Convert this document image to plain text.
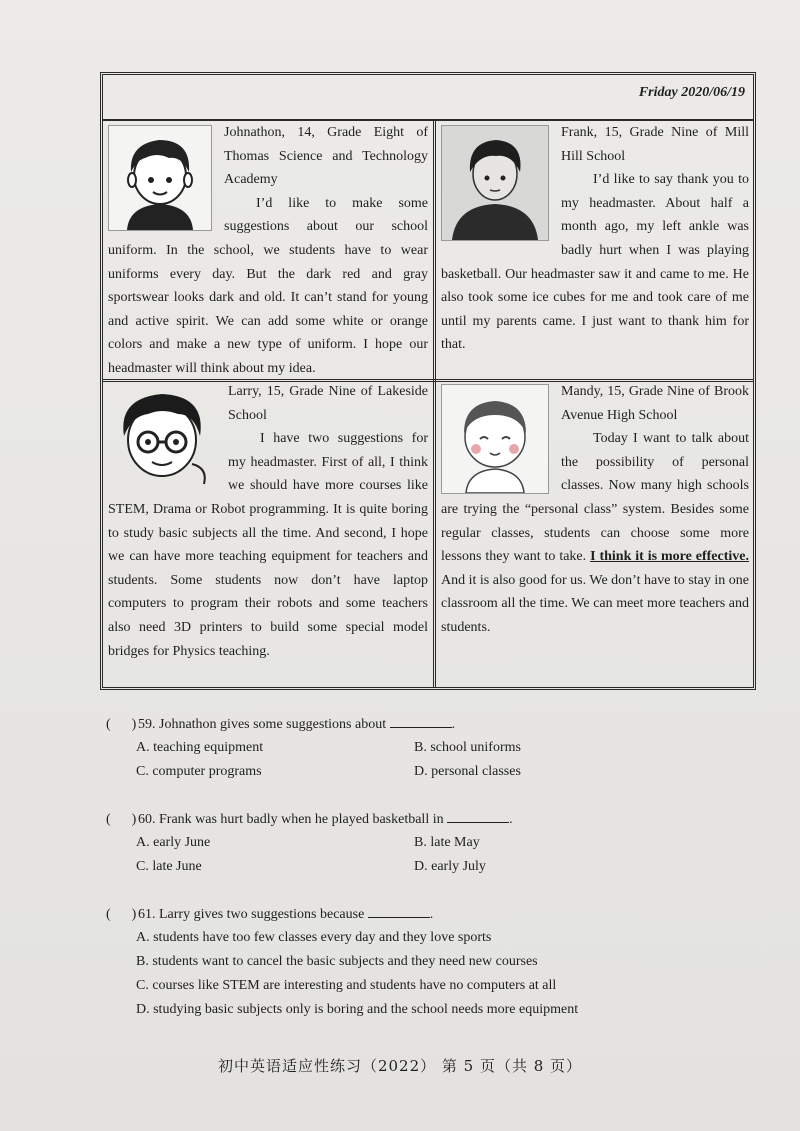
Friday 2020/06/19

Johnathon, 14, Grade Eight of Thomas Science and Technology Academy

I’d like to make some suggestions about our school uniform. In the school, we students have to wear uniforms every day. But the dark red and gray sportswear looks dark and old. It can’t stand for young and active spirit. We can add some white or orange colors and make a new type of uniform. I hope our headmaster will think about my idea.

Frank, 15, Grade Nine of Mill Hill School

I’d like to say thank you to my headmaster. About half a month ago, my left ankle was badly hurt when I was playing basketball. Our headmaster saw it and came to me. He also took some ice cubes for me and took care of me until my parents came. I just want to thank him for that.

Larry, 15, Grade Nine of Lakeside School

I have two suggestions for my headmaster. First of all, I think we should have more courses like STEM, Drama or Robot programming. It is quite boring to study basic subjects all the time. And second, I hope we can have more teaching equipment for teachers and students. Some students now don’t have laptop computers to program their robots and some teachers also need 3D printers to build some special model bridges for Physics teaching.

Mandy, 15, Grade Nine of Brook Avenue High School

Today I want to talk about the possibility of personal classes. Now many high schools are trying the “personal class” system. Besides some regular classes, students can choose some more lessons they want to take. I think it is more effective. And it is also good for us. We don’t have to stay in one classroom all the time. We can meet more teachers and students.

( ) 59. Johnathon gives some suggestions about	.
A. teaching equipment	B. school uniforms
C. computer programs	D. personal classes
( ) 60. Frank was hurt badly when he played basketball in	.
A. early June	B. late May
C. late June	D. early July
( ) 61. Larry gives two suggestions because	.
A. students have too few classes every day and they love sports
B. students want to cancel the basic subjects and they need new courses
C. courses like STEM are interesting and students have no computers at all
D. studying basic subjects only is boring and the school needs more equipment
初中英语适应性练习（2022） 第 5 页（共 8 页）
